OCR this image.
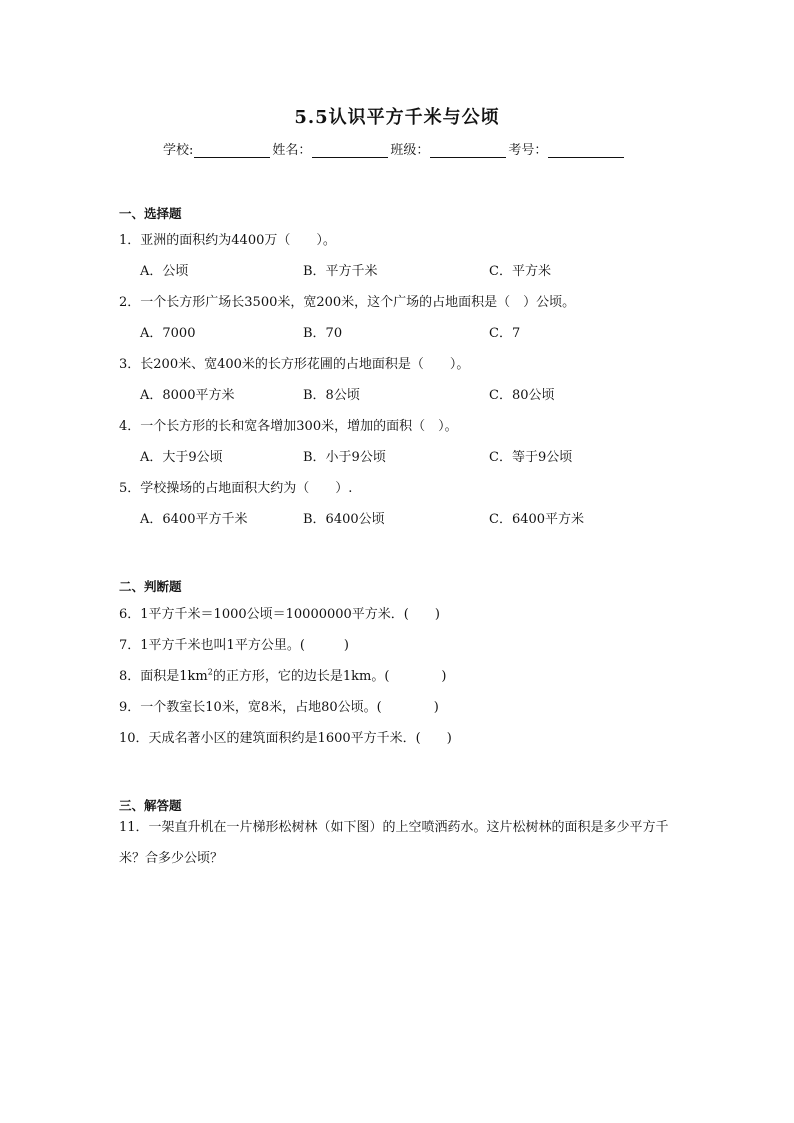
5.5认识平方千米与公顷
学校:	姓名：	班级：	考号：
一、选择题
1．亚洲的面积约为4400万（　　）。
A．公顷	B．平方千米	C．平方米
2．一个长方形广场长3500米，宽200米，这个广场的占地面积是（　）公顷。
A．7000	B．70	C．7
3．长200米、宽400米的长方形花圃的占地面积是（　　）。
A．8000平方米	B．8公顷	C．80公顷
4．一个长方形的长和宽各增加300米，增加的面积（　）。
A．大于9公顷	B．小于9公顷	C．等于9公顷
5．学校操场的占地面积大约为（　　）.
A．6400平方千米	B．6400公顷	C．6400平方米
二、判断题
6．1平方千米＝1000公顷＝10000000平方米．(　　)
7．1平方千米也叫1平方公里。(　　　)
8．面积是$1km^2$的正方形，它的边长是1km。(　　　　)
9．一个教室长10米，宽8米，占地80公顷。(　　　　)
10．天成名著小区的建筑面积约是1600平方千米．(　　)
三、解答题
11．一架直升机在一片梯形松树林（如下图）的上空喷洒药水。这片松树林的面积是多少平方千米？合多少公顷？
